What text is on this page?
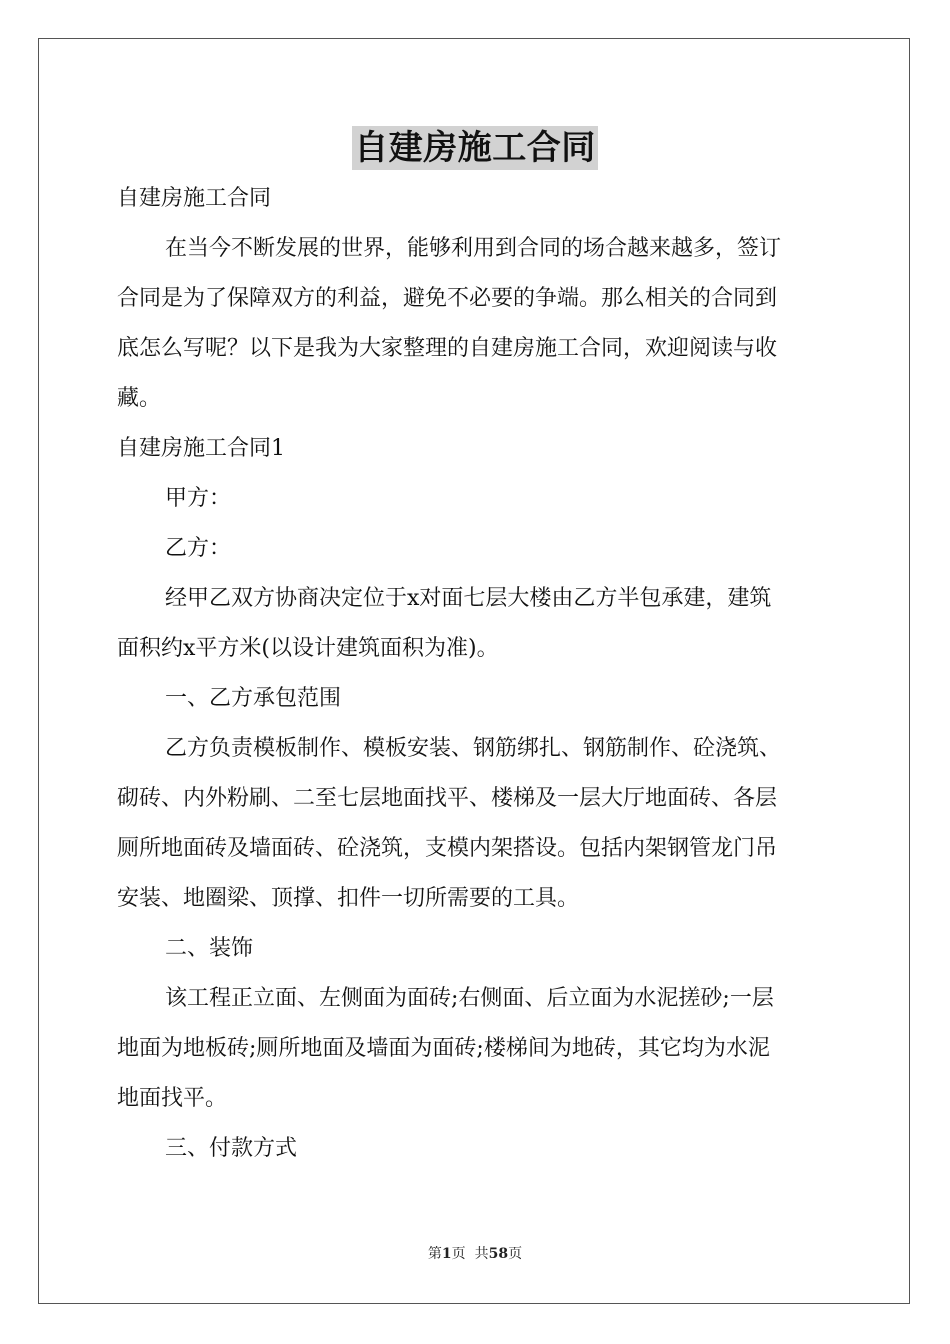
自建房施工合同

自建房施工合同

在当今不断发展的世界，能够利用到合同的场合越来越多，签订

合同是为了保障双方的利益，避免不必要的争端。那么相关的合同到

底怎么写呢？以下是我为大家整理的自建房施工合同，欢迎阅读与收

藏。

自建房施工合同1

甲方：

乙方：

经甲乙双方协商决定位于x对面七层大楼由乙方半包承建，建筑

面积约x平方米(以设计建筑面积为准)。

一、乙方承包范围

乙方负责模板制作、模板安装、钢筋绑扎、钢筋制作、砼浇筑、

砌砖、内外粉刷、二至七层地面找平、楼梯及一层大厅地面砖、各层

厕所地面砖及墙面砖、砼浇筑，支模内架搭设。包括内架钢管龙门吊

安装、地圈梁、顶撑、扣件一切所需要的工具。

二、装饰

该工程正立面、左侧面为面砖;右侧面、后立面为水泥搓砂;一层

地面为地板砖;厕所地面及墙面为面砖;楼梯间为地砖，其它均为水泥

地面找平。

三、付款方式

第1页  共58页
